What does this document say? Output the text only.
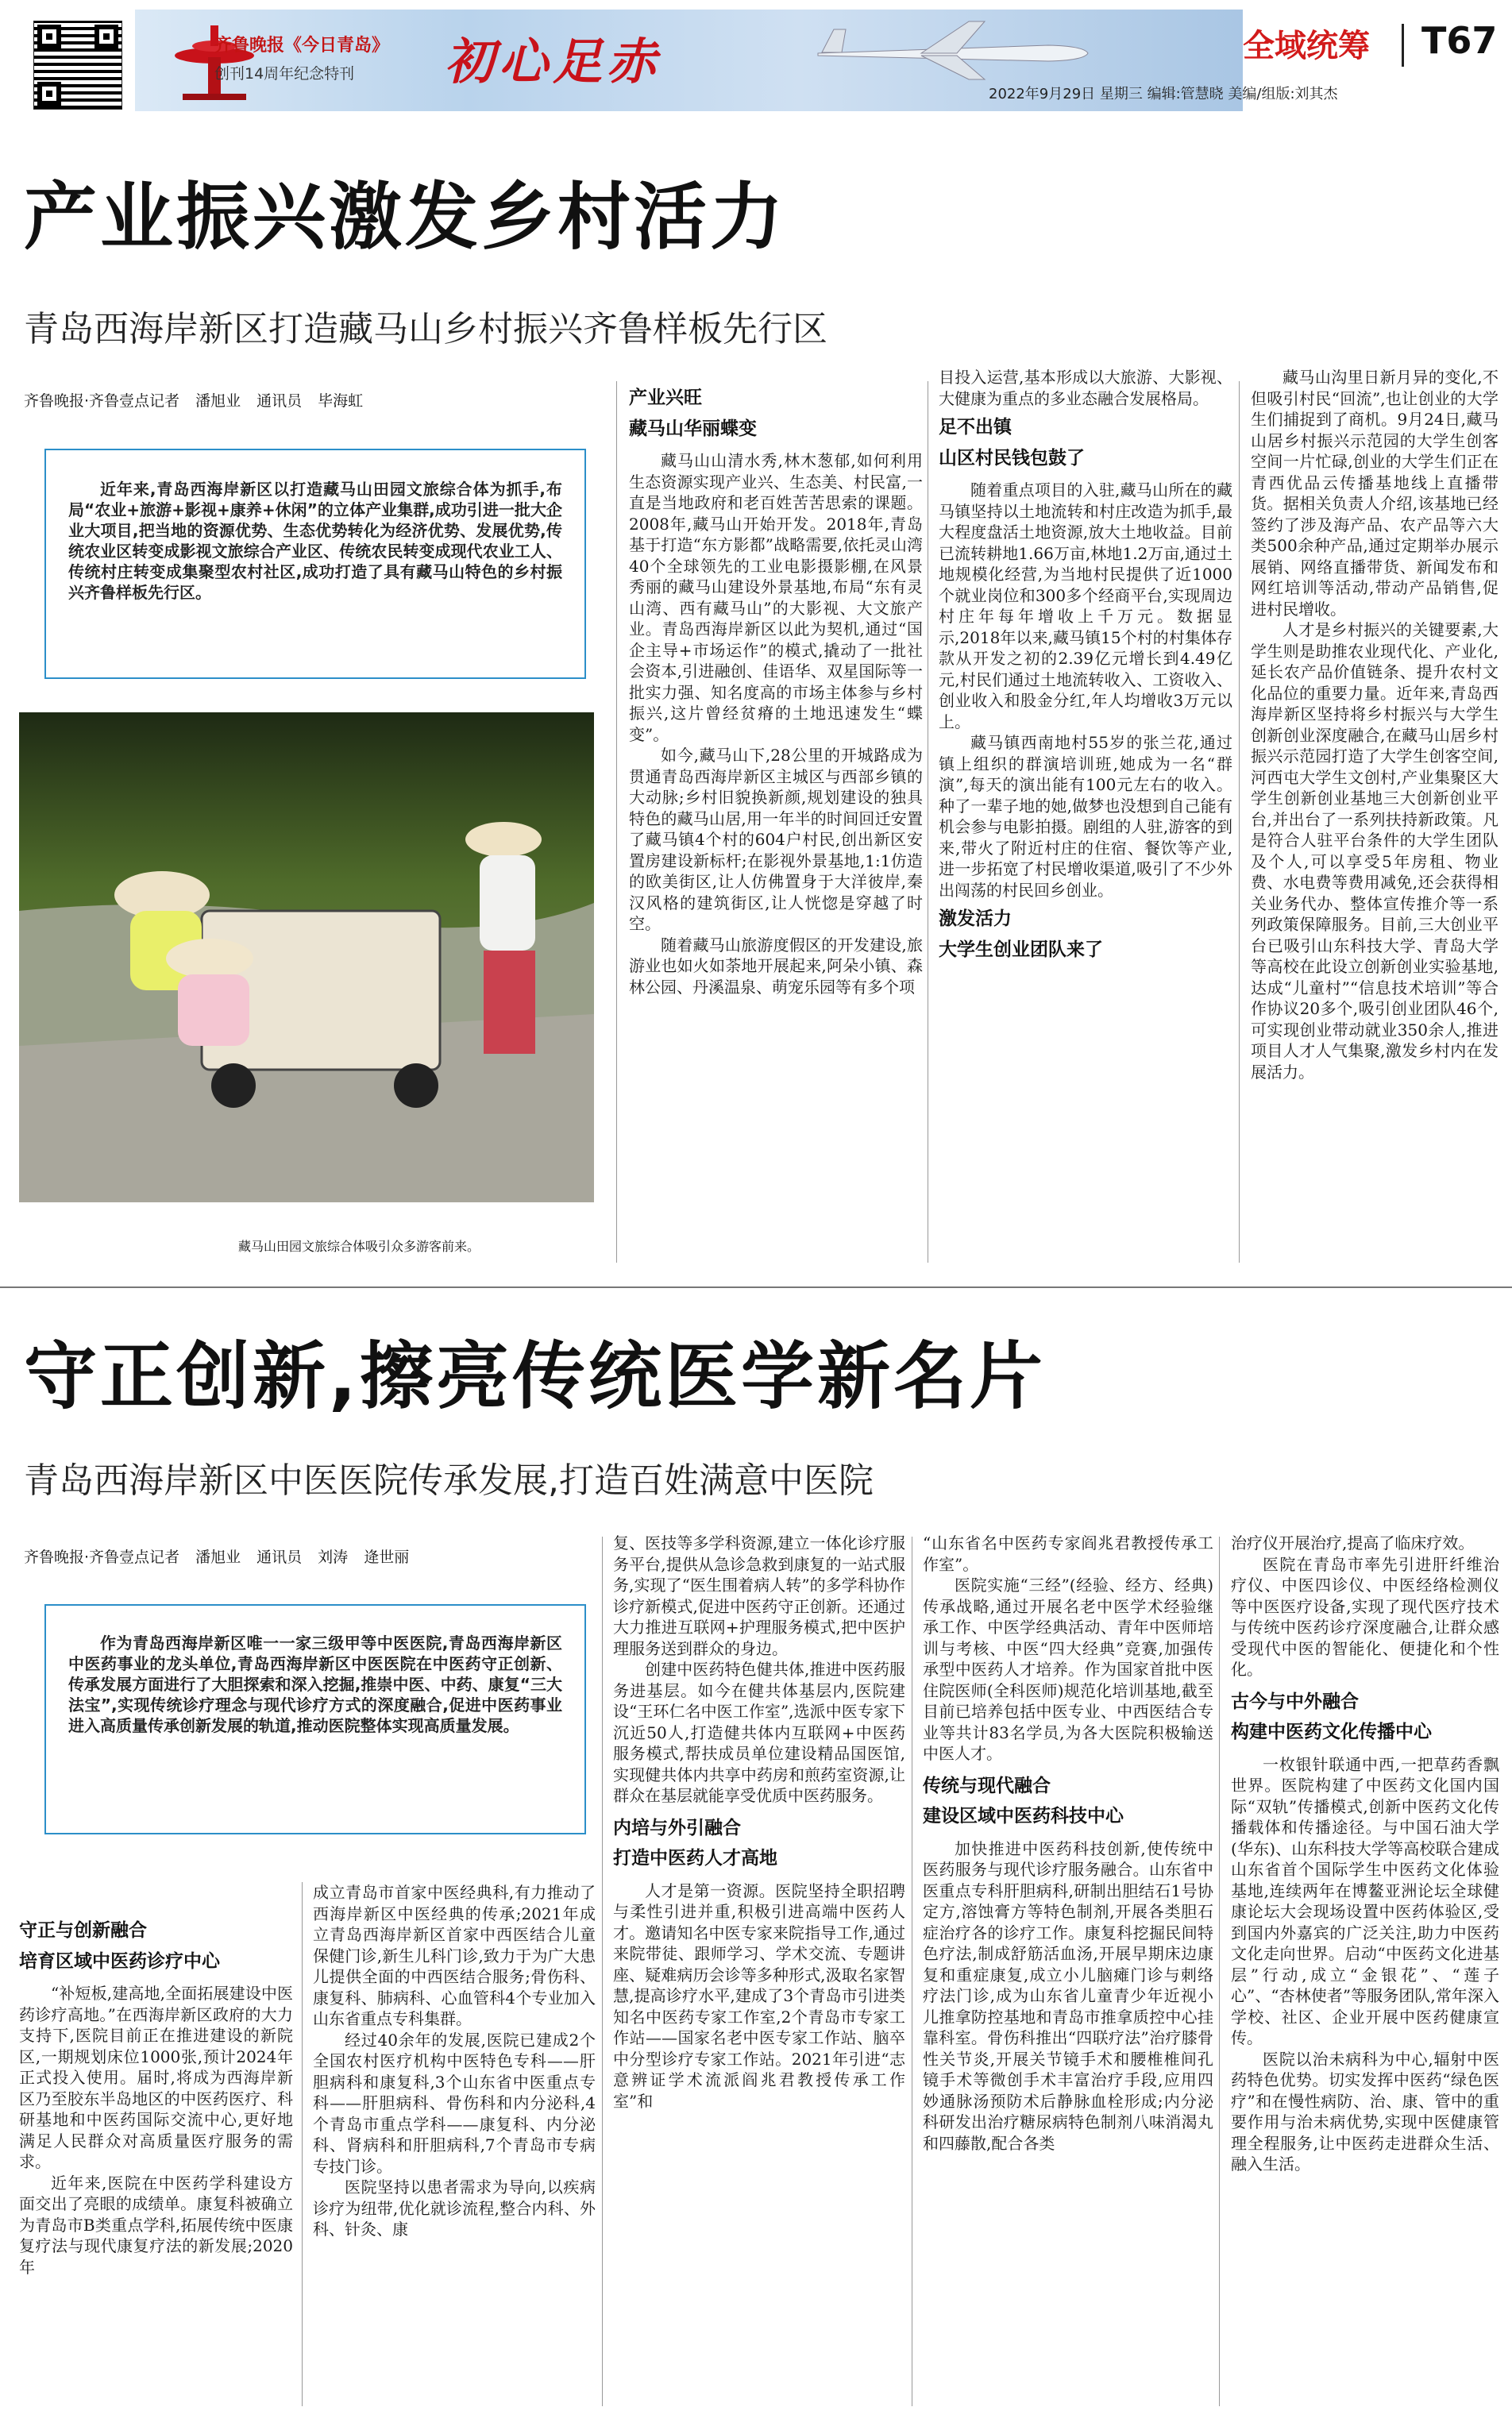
齐鲁晚报《今日青岛》
创刊14周年纪念特刊 初心足赤
2022年9月29日 星期三 编辑:管慧晓 美编/组版:刘其杰
全域统筹 T67
产业振兴激发乡村活力
青岛西海岸新区打造藏马山乡村振兴齐鲁样板先行区
齐鲁晚报·齐鲁壹点记者 潘旭业 通讯员 毕海虹
近年来,青岛西海岸新区以打造藏马山田园文旅综合体为抓手,布局“农业+旅游+影视+康养+休闲”的立体产业集群,成功引进一批大企业大项目,把当地的资源优势、生态优势转化为经济优势、发展优势,传统农业区转变成影视文旅综合产业区、传统农民转变成现代农业工人、传统村庄转变成集聚型农村社区,成功打造了具有藏马山特色的乡村振兴齐鲁样板先行区。
藏马山田园文旅综合体吸引众多游客前来。
产业兴旺
藏马山华丽蝶变

藏马山山清水秀,林木葱郁,如何利用生态资源实现产业兴、生态美、村民富,一直是当地政府和老百姓苦苦思索的课题。2008年,藏马山开始开发。2018年,青岛基于打造“东方影都”战略需要,依托灵山湾40个全球领先的工业电影摄影棚,在风景秀丽的藏马山建设外景基地,布局“东有灵山湾、西有藏马山”的大影视、大文旅产业。青岛西海岸新区以此为契机,通过“国企主导+市场运作”的模式,撬动了一批社会资本,引进融创、佳语华、双星国际等一批实力强、知名度高的市场主体参与乡村振兴,这片曾经贫瘠的土地迅速发生“蝶变”。

如今,藏马山下,28公里的开城路成为贯通青岛西海岸新区主城区与西部乡镇的大动脉;乡村旧貌换新颜,规划建设的独具特色的藏马山居,用一年半的时间回迁安置了藏马镇4个村的604户村民,创出新区安置房建设新标杆;在影视外景基地,1:1仿造的欧美街区,让人仿佛置身于大洋彼岸,秦汉风格的建筑街区,让人恍惚是穿越了时空。

随着藏马山旅游度假区的开发建设,旅游业也如火如荼地开展起来,阿朵小镇、森林公园、丹溪温泉、萌宠乐园等有多个项

目投入运营,基本形成以大旅游、大影视、大健康为重点的多业态融合发展格局。

足不出镇
山区村民钱包鼓了

随着重点项目的入驻,藏马山所在的藏马镇坚持以土地流转和村庄改造为抓手,最大程度盘活土地资源,放大土地收益。目前已流转耕地1.66万亩,林地1.2万亩,通过土地规模化经营,为当地村民提供了近1000个就业岗位和300多个经商平台,实现周边村庄年每年增收上千万元。数据显示,2018年以来,藏马镇15个村的村集体存款从开发之初的2.39亿元增长到4.49亿元,村民们通过土地流转收入、工资收入、创业收入和股金分红,年人均增收3万元以上。

藏马镇西南地村55岁的张兰花,通过镇上组织的群演培训班,她成为一名“群演”,每天的演出能有100元左右的收入。种了一辈子地的她,做梦也没想到自己能有机会参与电影拍摄。剧组的人驻,游客的到来,带火了附近村庄的住宿、餐饮等产业,进一步拓宽了村民增收渠道,吸引了不少外出闯荡的村民回乡创业。

激发活力
大学生创业团队来了

藏马山沟里日新月异的变化,不但吸引村民“回流”,也让创业的大学生们捕捉到了商机。9月24日,藏马山居乡村振兴示范园的大学生创客空间一片忙碌,创业的大学生们正在青西优品云传播基地线上直播带货。据相关负责人介绍,该基地已经签约了涉及海产品、农产品等六大类500余种产品,通过定期举办展示展销、网络直播带货、新闻发布和网红培训等活动,带动产品销售,促进村民增收。

人才是乡村振兴的关键要素,大学生则是助推农业现代化、产业化,延长农产品价值链条、提升农村文化品位的重要力量。近年来,青岛西海岸新区坚持将乡村振兴与大学生创新创业深度融合,在藏马山居乡村振兴示范园打造了大学生创客空间,河西屯大学生文创村,产业集聚区大学生创新创业基地三大创新创业平台,并出台了一系列扶持新政策。凡是符合人驻平台条件的大学生团队及个人,可以享受5年房租、物业费、水电费等费用减免,还会获得相关业务代办、整体宣传推介等一系列政策保障服务。目前,三大创业平台已吸引山东科技大学、青岛大学等高校在此设立创新创业实验基地,达成“儿童村”“信息技术培训”等合作协议20多个,吸引创业团队46个,可实现创业带动就业350余人,推进项目人才人气集聚,激发乡村内在发展活力。

守正创新,擦亮传统医学新名片
青岛西海岸新区中医医院传承发展,打造百姓满意中医院
齐鲁晚报·齐鲁壹点记者 潘旭业 通讯员 刘涛 逄世丽
作为青岛西海岸新区唯一一家三级甲等中医医院,青岛西海岸新区中医药事业的龙头单位,青岛西海岸新区中医医院在中医药守正创新、传承发展方面进行了大胆探索和深入挖掘,推崇中医、中药、康复“三大法宝”,实现传统诊疗理念与现代诊疗方式的深度融合,促进中医药事业进入高质量传承创新发展的轨道,推动医院整体实现高质量发展。
守正与创新融合
培育区域中医药诊疗中心

“补短板,建高地,全面拓展建设中医药诊疗高地。”在西海岸新区政府的大力支持下,医院目前正在推进建设的新院区,一期规划床位1000张,预计2024年正式投入使用。届时,将成为西海岸新区乃至胶东半岛地区的中医药医疗、科研基地和中医药国际交流中心,更好地满足人民群众对高质量医疗服务的需求。

近年来,医院在中医药学科建设方面交出了亮眼的成绩单。康复科被确立为青岛市B类重点学科,拓展传统中医康复疗法与现代康复疗法的新发展;2020年

成立青岛市首家中医经典科,有力推动了西海岸新区中医经典的传承;2021年成立青岛西海岸新区首家中西医结合儿童保健门诊,新生儿科门诊,致力于为广大患儿提供全面的中西医结合服务;骨伤科、康复科、肺病科、心血管科4个专业加入山东省重点专科集群。

经过40余年的发展,医院已建成2个全国农村医疗机构中医特色专科——肝胆病科和康复科,3个山东省中医重点专科——肝胆病科、骨伤科和内分泌科,4个青岛市重点学科——康复科、内分泌科、肾病科和肝胆病科,7个青岛市专病专技门诊。

医院坚持以患者需求为导向,以疾病诊疗为纽带,优化就诊流程,整合内科、外科、针灸、康

复、医技等多学科资源,建立一体化诊疗服务平台,提供从急诊急救到康复的一站式服务,实现了“医生围着病人转”的多学科协作诊疗新模式,促进中医药守正创新。还通过大力推进互联网+护理服务模式,把中医护理服务送到群众的身边。

创建中医药特色健共体,推进中医药服务进基层。如今在健共体基层内,医院建设“王环仁名中医工作室”,选派中医专家下沉近50人,打造健共体内互联网+中医药服务模式,帮扶成员单位建设精品国医馆,实现健共体内共享中药房和煎药室资源,让群众在基层就能享受优质中医药服务。

内培与外引融合
打造中医药人才高地

人才是第一资源。医院坚持全职招聘与柔性引进并重,积极引进高端中医药人才。邀请知名中医专家来院指导工作,通过来院带徒、跟师学习、学术交流、专题讲座、疑难病历会诊等多种形式,汲取名家智慧,提高诊疗水平,建成了3个青岛市引进类知名中医药专家工作室,2个青岛市专家工作站——国家名老中医专家工作站、脑卒中分型诊疗专家工作站。2021年引进“志意辨证学术流派阎兆君教授传承工作室”和

“山东省名中医药专家阎兆君教授传承工作室”。

医院实施“三经”(经验、经方、经典)传承战略,通过开展名老中医学术经验继承工作、中医学经典活动、青年中医师培训与考核、中医“四大经典”竞赛,加强传承型中医药人才培养。作为国家首批中医住院医师(全科医师)规范化培训基地,截至目前已培养包括中医专业、中西医结合专业等共计83名学员,为各大医院积极输送中医人才。

传统与现代融合
建设区域中医药科技中心

加快推进中医药科技创新,使传统中医药服务与现代诊疗服务融合。山东省中医重点专科肝胆病科,研制出胆结石1号协定方,溶蚀膏方等特色制剂,开展各类胆石症治疗各的诊疗工作。康复科挖掘民间特色疗法,制成舒筋活血汤,开展早期床边康复和重症康复,成立小儿脑瘫门诊与刺络疗法门诊,成为山东省儿童青少年近视小儿推拿防控基地和青岛市推拿质控中心挂靠科室。骨伤科推出“四联疗法”治疗膝骨性关节炎,开展关节镜手术和腰椎椎间孔镜手术等微创手术丰富治疗手段,应用四妙通脉汤预防术后静脉血栓形成;内分泌科研发出治疗糖尿病特色制剂八味消渴丸和四藤散,配合各类

治疗仪开展治疗,提高了临床疗效。

医院在青岛市率先引进肝纤维治疗仪、中医四诊仪、中医经络检测仪等中医医疗设备,实现了现代医疗技术与传统中医药诊疗深度融合,让群众感受现代中医的智能化、便捷化和个性化。

古今与中外融合
构建中医药文化传播中心

一枚银针联通中西,一把草药香飘世界。医院构建了中医药文化国内国际“双轨”传播模式,创新中医药文化传播载体和传播途径。与中国石油大学(华东)、山东科技大学等高校联合建成山东省首个国际学生中医药文化体验基地,连续两年在博鳌亚洲论坛全球健康论坛大会现场设置中医药体验区,受到国内外嘉宾的广泛关注,助力中医药文化走向世界。启动“中医药文化进基层”行动,成立“金银花”、“莲子心”、“杏林使者”等服务团队,常年深入学校、社区、企业开展中医药健康宣传。

医院以治未病科为中心,辐射中医药特色优势。切实发挥中医药“绿色医疗”和在慢性病防、治、康、管中的重要作用与治未病优势,实现中医健康管理全程服务,让中医药走进群众生活、融入生活。
